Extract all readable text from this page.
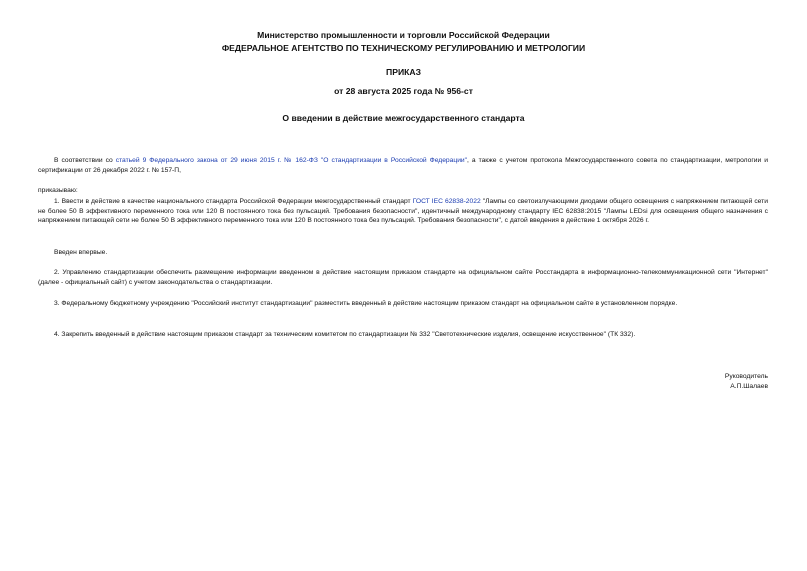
Министерство промышленности и торговли Российской Федерации
ФЕДЕРАЛЬНОЕ АГЕНТСТВО ПО ТЕХНИЧЕСКОМУ РЕГУЛИРОВАНИЮ И МЕТРОЛОГИИ
ПРИКАЗ
от 28 августа 2025 года № 956-ст
О введении в действие межгосударственного стандарта
В соответствии со статьей 9 Федерального закона от 29 июня 2015 г. № 162-ФЗ "О стандартизации в Российской Федерации", а также с учетом протокола Межгосударственного совета по стандартизации, метрологии и сертификации от 26 декабря 2022 г. № 157-П,
приказываю:
1. Ввести в действие в качестве национального стандарта Российской Федерации межгосударственный стандарт ГОСТ IEC 62838-2022 "Лампы со светоизлучающими диодами общего освещения с напряжением питающей сети не более 50 В эффективного переменного тока или 120 В постоянного тока без пульсаций. Требования безопасности", идентичный международному стандарту IEC 62838:2015 "Лампы LEDsi для освещения общего назначения с напряжением питающей сети не более 50 В эффективного переменного тока или 120 В постоянного тока без пульсаций. Требования безопасности", с датой введения в действие 1 октября 2026 г.
Введен впервые.
2. Управлению стандартизации обеспечить размещение информации введенном в действие настоящим приказом стандарте на официальном сайте Росстандарта в информационно-телекоммуникационной сети "Интернет" (далее - официальный сайт) с учетом законодательства о стандартизации.
3. Федеральному бюджетному учреждению "Российский институт стандартизации" разместить введенный в действие настоящим приказом стандарт на официальном сайте в установленном порядке.
4. Закрепить введенный в действие настоящим приказом стандарт за техническим комитетом по стандартизации № 332 "Светотехнические изделия, освещение искусственное" (ТК 332).
Руководитель
А.П.Шалаев
